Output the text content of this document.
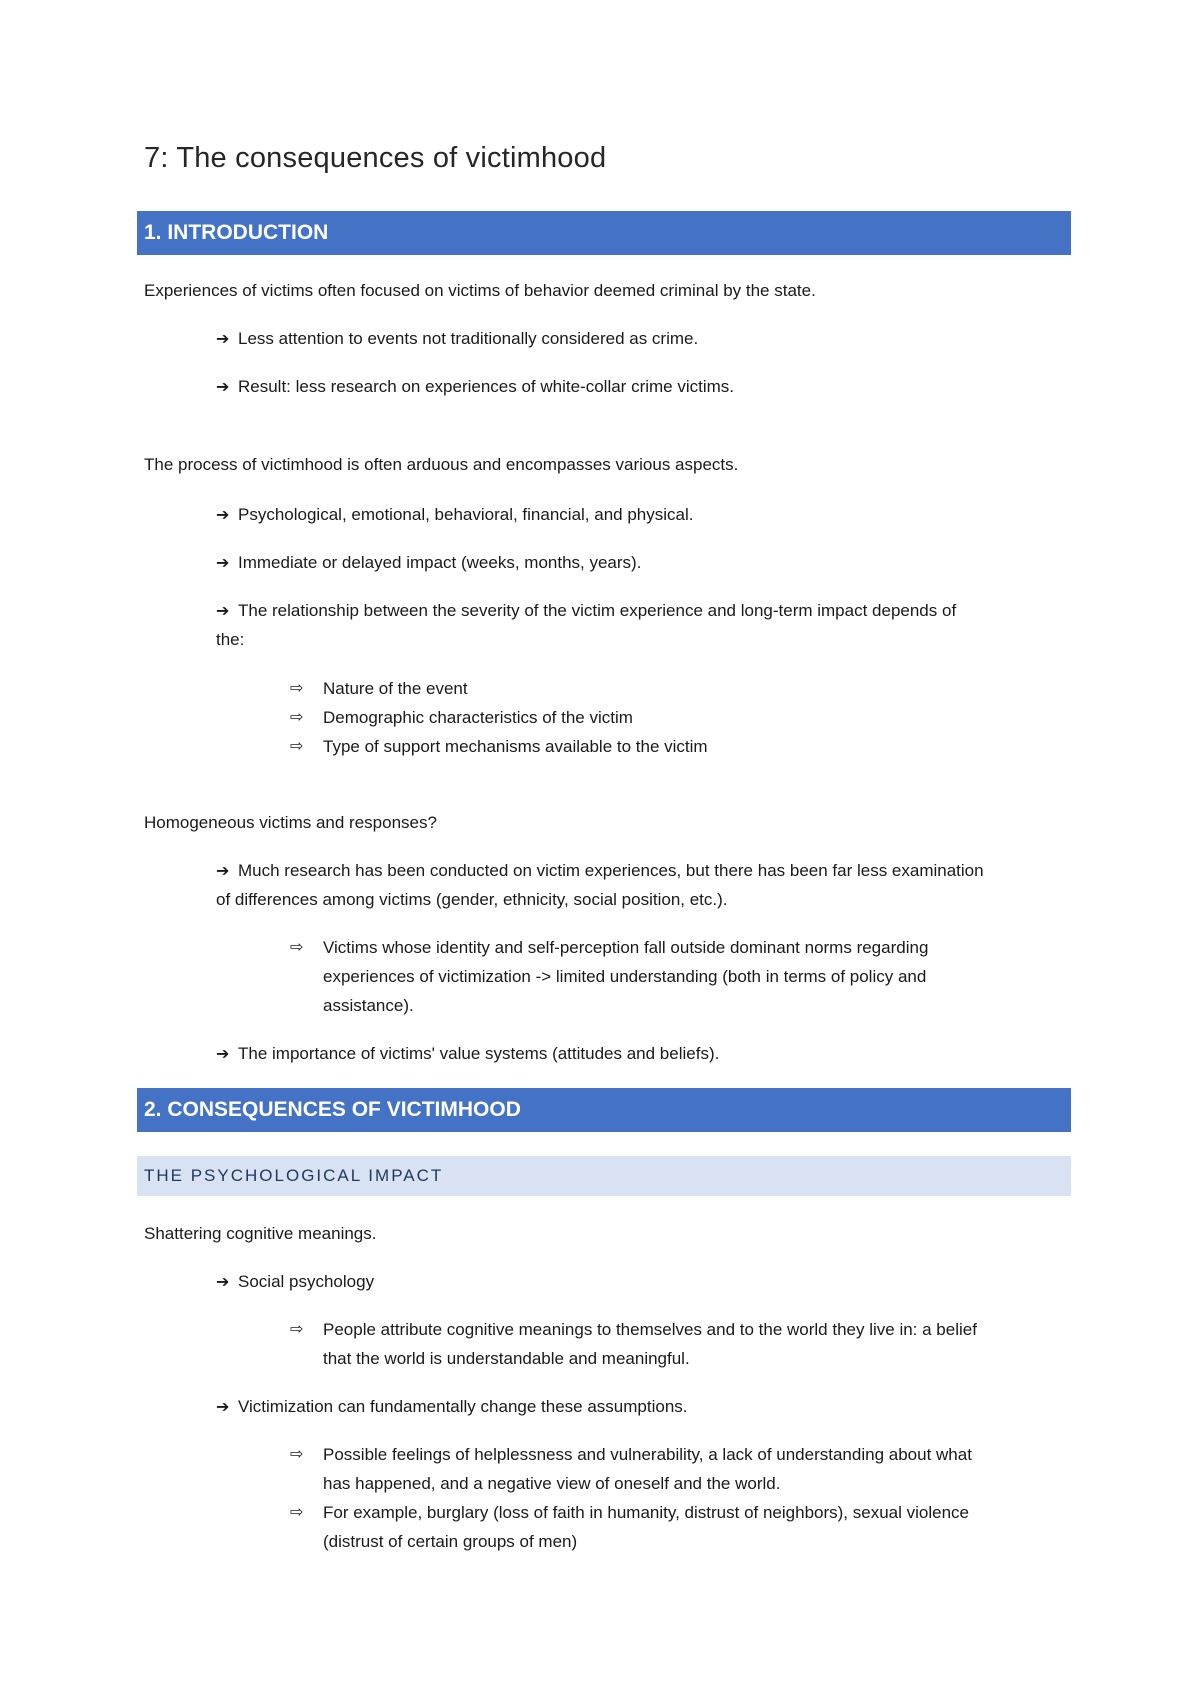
7: The consequences of victimhood
1. INTRODUCTION
Experiences of victims often focused on victims of behavior deemed criminal by the state.
➔ Less attention to events not traditionally considered as crime.
➔ Result: less research on experiences of white-collar crime victims.
The process of victimhood is often arduous and encompasses various aspects.
➔ Psychological, emotional, behavioral, financial, and physical.
➔ Immediate or delayed impact (weeks, months, years).
➔ The relationship between the severity of the victim experience and long-term impact depends of
the:
⇨ Nature of the event
⇨ Demographic characteristics of the victim
⇨ Type of support mechanisms available to the victim
Homogeneous victims and responses?
➔ Much research has been conducted on victim experiences, but there has been far less examination
of differences among victims (gender, ethnicity, social position, etc.).
⇨ Victims whose identity and self-perception fall outside dominant norms regarding
experiences of victimization -> limited understanding (both in terms of policy and
assistance).
➔ The importance of victims' value systems (attitudes and beliefs).
2. CONSEQUENCES OF VICTIMHOOD
THE PSYCHOLOGICAL IMPACT
Shattering cognitive meanings.
➔ Social psychology
⇨ People attribute cognitive meanings to themselves and to the world they live in: a belief
that the world is understandable and meaningful.
➔ Victimization can fundamentally change these assumptions.
⇨ Possible feelings of helplessness and vulnerability, a lack of understanding about what
has happened, and a negative view of oneself and the world.
⇨ For example, burglary (loss of faith in humanity, distrust of neighbors), sexual violence
(distrust of certain groups of men)
